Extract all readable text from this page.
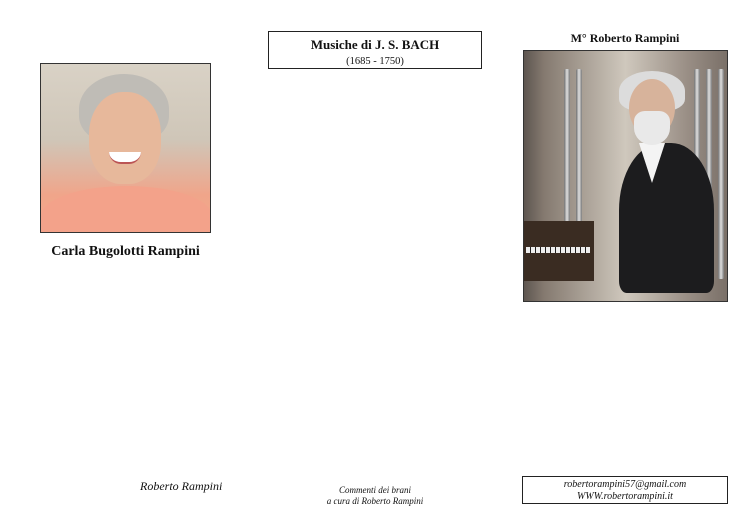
Carla Bugolotti Rampini
Roberto Rampini
Musiche di J. S. BACH
(1685 - 1750)
Commenti dei brani
a cura di Roberto Rampini
M° Roberto Rampini
robertorampini57@gmail.com
WWW.robertorampini.it
